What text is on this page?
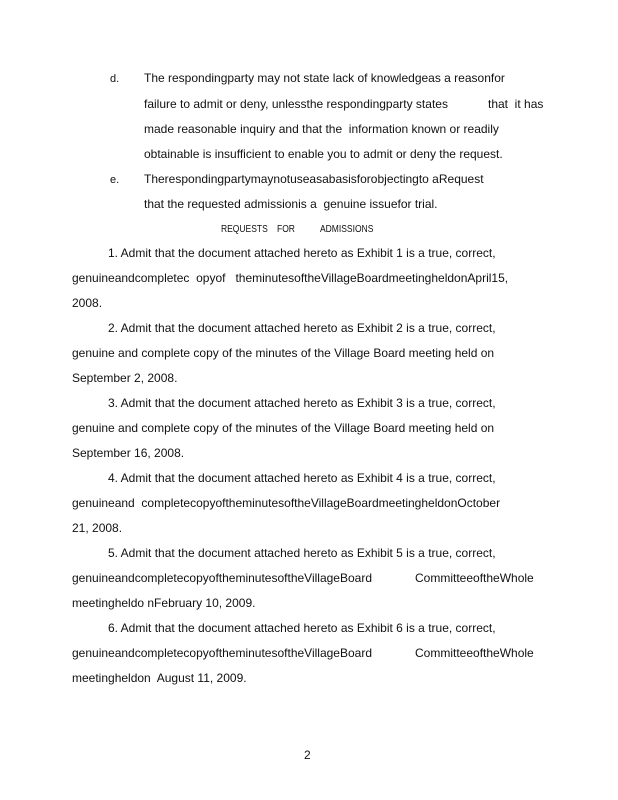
d. The respondingparty may not state lack of knowledgeas a reasonfor
failure to admit or deny, unlessthe respondingparty states	that  it has
made reasonable inquiry and that the  information known or readily
obtainable is insufficient to enable you to admit or deny the request.
e. Therespondingpartymaynotuseasabasisforobjectingto aRequest
that the requested admissionis a  genuine issuefor trial.
REQUESTS FOR	ADMISSIONS
1. Admit that the document attached hereto as Exhibit 1 is a true, correct,
genuineandcompletec  opyof   theminutesoftheVillageBoardmeetingheldonApril15,
2008.
2. Admit that the document attached hereto as Exhibit 2 is a true, correct,
genuine and complete copy of the minutes of the Village Board meeting held on
September 2, 2008.
3. Admit that the document attached hereto as Exhibit 3 is a true, correct,
genuine and complete copy of the minutes of the Village Board meeting held on
September 16, 2008.
4. Admit that the document attached hereto as Exhibit 4 is a true, correct,
genuineand  completecopyoftheminutesoftheVillageBoardmeetingheldonOctober
21, 2008.
5. Admit that the document attached hereto as Exhibit 5 is a true, correct,
genuineandcompletecopyoftheminutesoftheVillageBoard	CommitteeoftheWhole
meetingheldo nFebruary 10, 2009.
6. Admit that the document attached hereto as Exhibit 6 is a true, correct,
genuineandcompletecopyoftheminutesoftheVillageBoard	CommitteeoftheWhole
meetingheldon  August 11, 2009.
2
